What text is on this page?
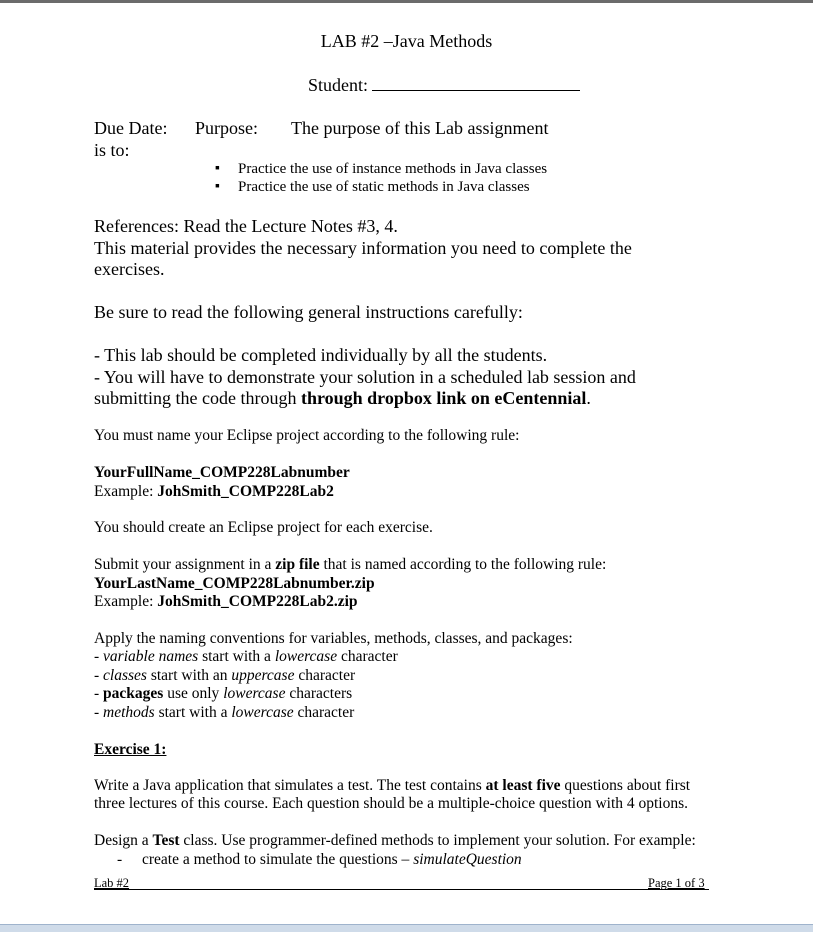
LAB #2 –Java Methods
Student:
Due Date: Purpose: The purpose of this Lab assignment
is to:
▪ Practice the use of instance methods in Java classes
▪ Practice the use of static methods in Java classes
References: Read the Lecture Notes #3, 4.
This material provides the necessary information you need to complete the
exercises.
Be sure to read the following general instructions carefully:
- This lab should be completed individually by all the students.
- You will have to demonstrate your solution in a scheduled lab session and
submitting the code through through dropbox link on eCentennial.
You must name your Eclipse project according to the following rule:
YourFullName_COMP228Labnumber
Example: JohSmith_COMP228Lab2
You should create an Eclipse project for each exercise.
Submit your assignment in a zip file that is named according to the following rule:
YourLastName_COMP228Labnumber.zip
Example: JohSmith_COMP228Lab2.zip
Apply the naming conventions for variables, methods, classes, and packages:
- variable names start with a lowercase character
- classes start with an uppercase character
- packages use only lowercase characters
- methods start with a lowercase character
Exercise 1:
Write a Java application that simulates a test. The test contains at least five questions about first
three lectures of this course. Each question should be a multiple-choice question with 4 options.
Design a Test class. Use programmer-defined methods to implement your solution. For example:
- create a method to simulate the questions – simulateQuestion
Lab #2	Page 1 of 3
